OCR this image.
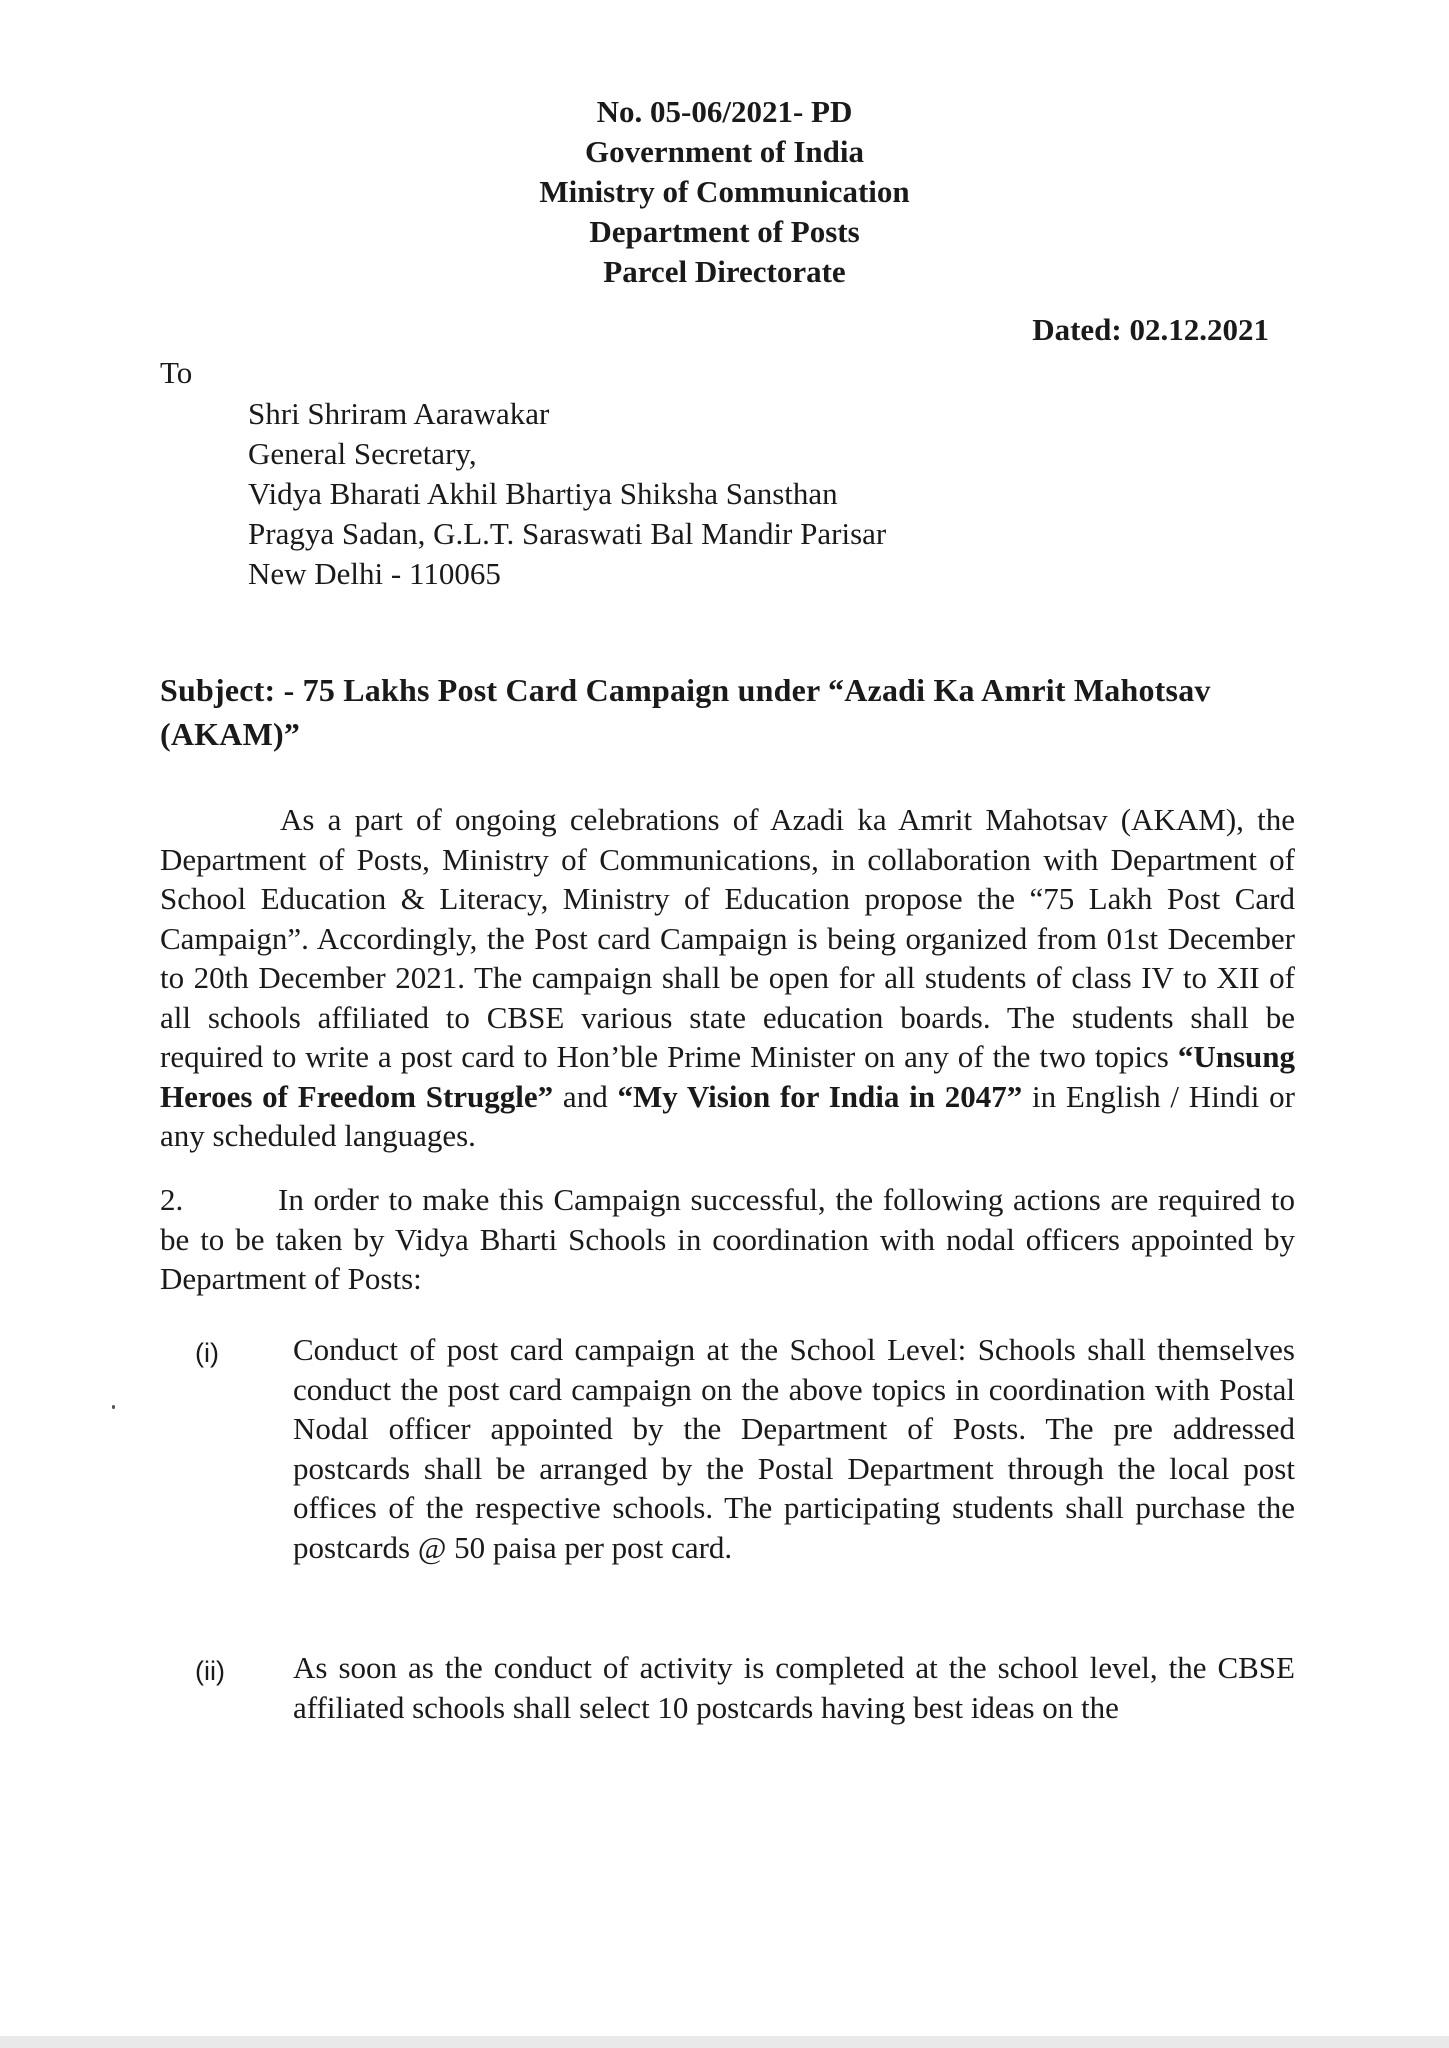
No. 05-06/2021- PD
Government of India
Ministry of Communication
Department of Posts
Parcel Directorate
Dated: 02.12.2021
To
Shri Shriram Aarawakar
General Secretary,
Vidya Bharati Akhil Bhartiya Shiksha Sansthan
Pragya Sadan, G.L.T. Saraswati Bal Mandir Parisar
New Delhi - 110065
Subject: - 75 Lakhs Post Card Campaign under “Azadi Ka Amrit Mahotsav
(AKAM)”
As a part of ongoing celebrations of Azadi ka Amrit Mahotsav (AKAM), the Department of Posts, Ministry of Communications, in collaboration with Department of School Education & Literacy, Ministry of Education propose the “75 Lakh Post Card Campaign”. Accordingly, the Post card Campaign is being organized from 01st December to 20th December 2021. The campaign shall be open for all students of class IV to XII of all schools affiliated to CBSE various state education boards. The students shall be required to write a post card to Hon’ble Prime Minister on any of the two topics “Unsung Heroes of Freedom Struggle” and “My Vision for India in 2047” in English / Hindi or any scheduled languages.
2.	In order to make this Campaign successful, the following actions are required to be to be taken by Vidya Bharti Schools in coordination with nodal officers appointed by Department of Posts:
(i) Conduct of post card campaign at the School Level: Schools shall themselves conduct the post card campaign on the above topics in coordination with Postal Nodal officer appointed by the Department of Posts. The pre addressed postcards shall be arranged by the Postal Department through the local post offices of the respective schools. The participating students shall purchase the postcards @ 50 paisa per post card.
(ii) As soon as the conduct of activity is completed at the school level, the CBSE affiliated schools shall select 10 postcards having best ideas on the
